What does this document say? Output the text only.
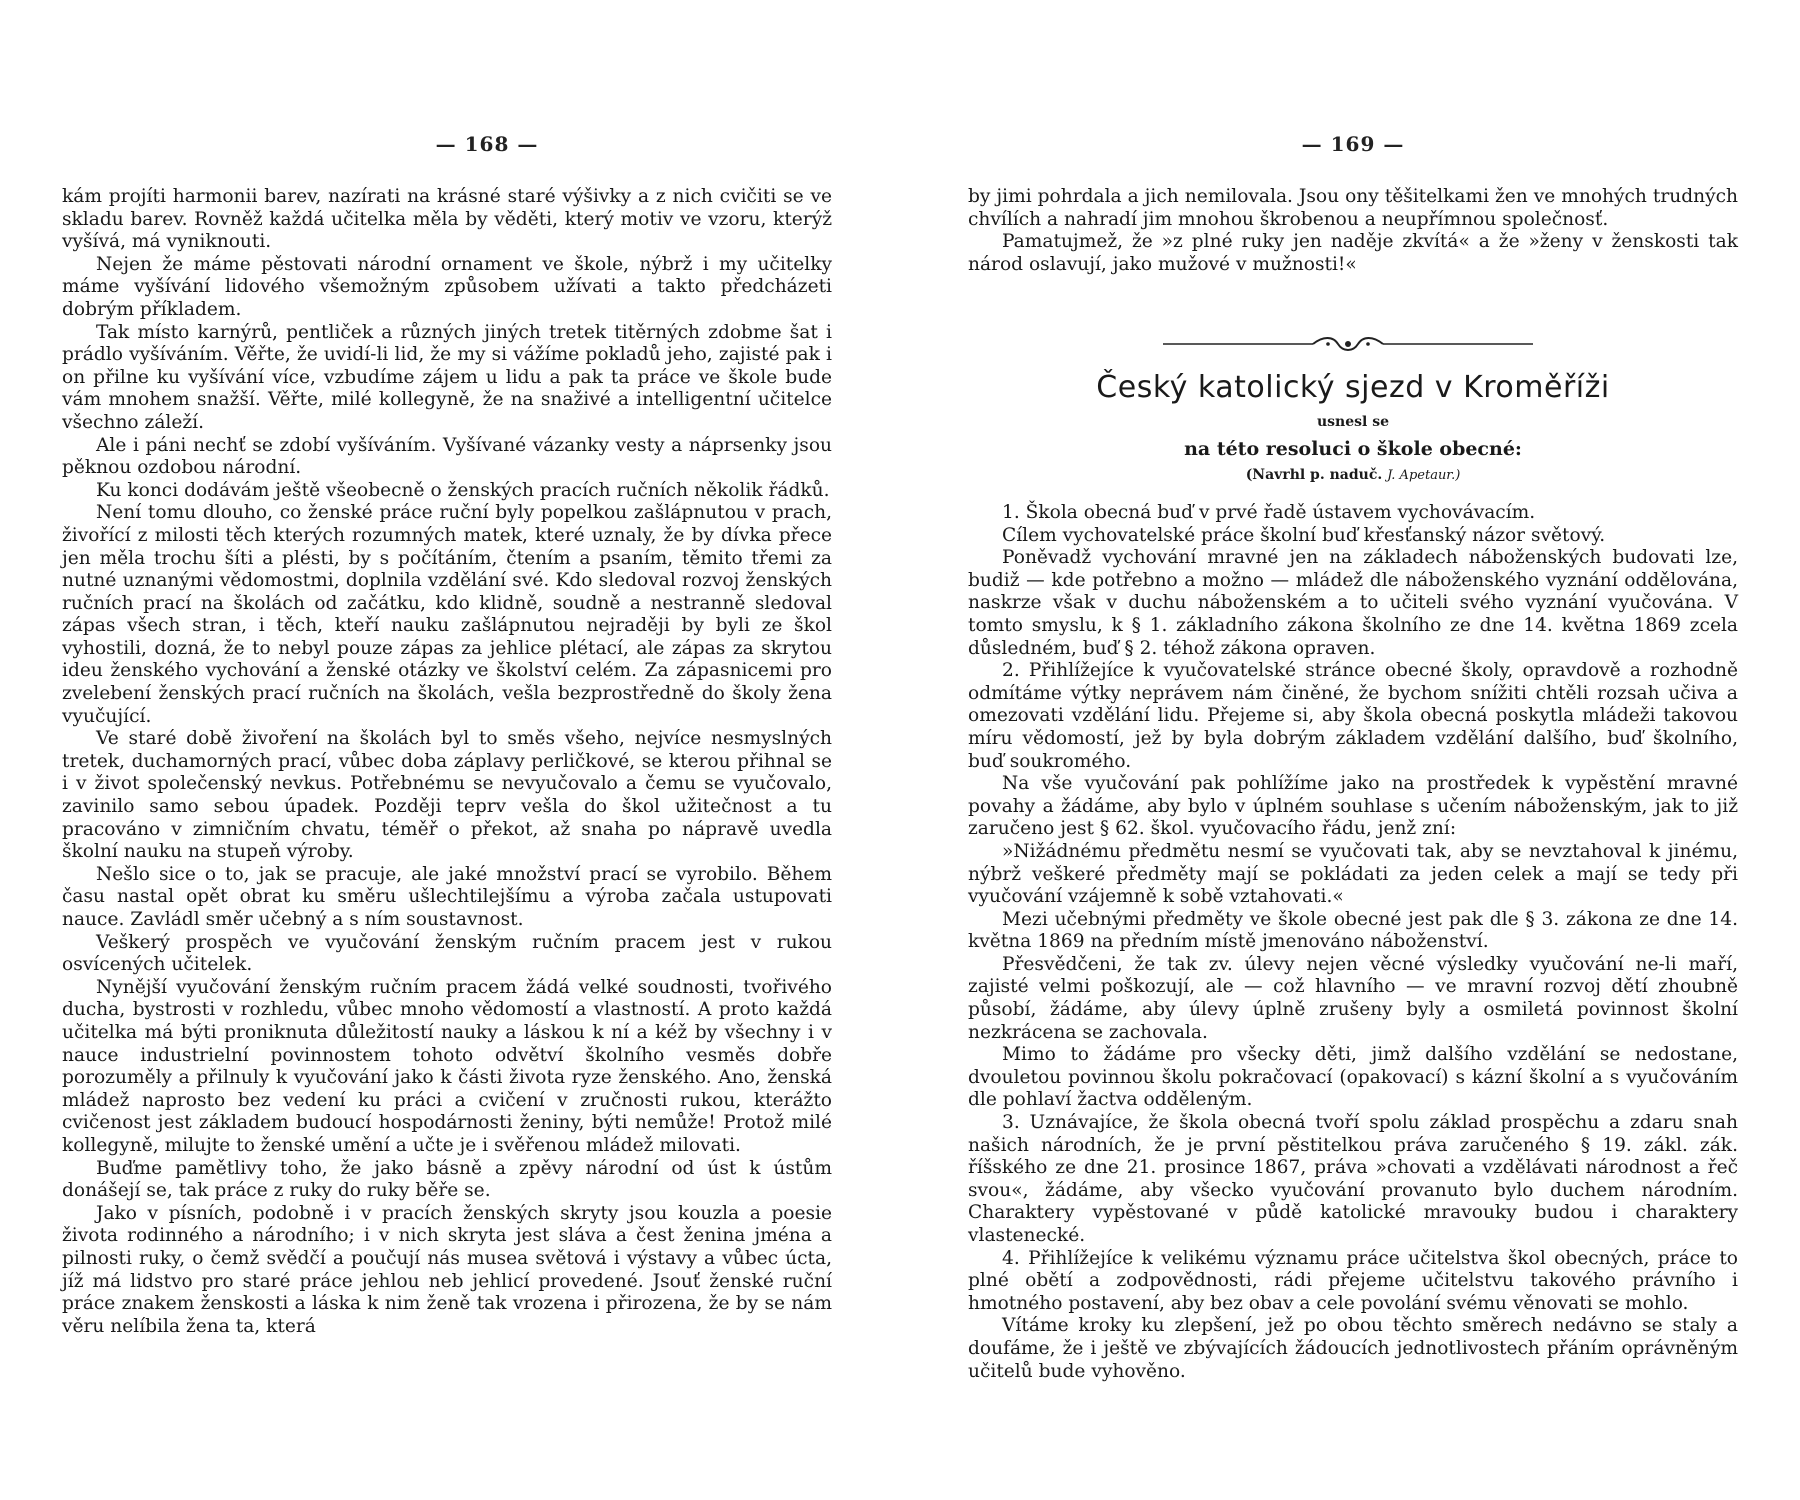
— 168 —

kám projíti harmonii barev, nazírati na krásné staré výšivky a z nich cvičiti se ve skladu barev. Rovněž každá učitelka měla by věděti, který motiv ve vzoru, kterýž vyšívá, má vyniknouti.

Nejen že máme pěstovati národní ornament ve škole, nýbrž i my učitelky máme vyšívání lidového všemožným způsobem užívati a takto předcházeti dobrým příkladem.

Tak místo karnýrů, pentliček a různých jiných tretek titěrných zdobme šat i prádlo vyšíváním. Věřte, že uvidí-li lid, že my si vážíme pokladů jeho, zajisté pak i on přilne ku vyšívání více, vzbudíme zájem u lidu a pak ta práce ve škole bude vám mnohem snažší. Věřte, milé kollegyně, že na snaživé a intelligentní učitelce všechno záleží.

Ale i páni nechť se zdobí vyšíváním. Vyšívané vázanky vesty a náprsenky jsou pěknou ozdobou národní.

Ku konci dodávám ještě všeobecně o ženských pracích ručních několik řádků.

Není tomu dlouho, co ženské práce ruční byly popelkou zašlápnutou v prach, živořící z milosti těch kterých rozumných matek, které uznaly, že by dívka přece jen měla trochu šíti a plésti, by s počítáním, čtením a psaním, těmito třemi za nutné uznanými vědomostmi, doplnila vzdělání své. Kdo sledoval rozvoj ženských ručních prací na školách od začátku, kdo klidně, soudně a nestranně sledoval zápas všech stran, i těch, kteří nauku zašlápnutou nejraději by byli ze škol vyhostili, dozná, že to nebyl pouze zápas za jehlice plétací, ale zápas za skrytou ideu ženského vychování a ženské otázky ve školství celém. Za zápasnicemi pro zvelebení ženských prací ručních na školách, vešla bezprostředně do školy žena vyučující.

Ve staré době živoření na školách byl to směs všeho, nejvíce nesmyslných tretek, duchamorných prací, vůbec doba záplavy perličkové, se kterou přihnal se i v život společenský nevkus. Potřebnému se nevyučovalo a čemu se vyučovalo, zavinilo samo sebou úpadek. Později teprv vešla do škol užitečnost a tu pracováno v zimničním chvatu, téměř o překot, až snaha po nápravě uvedla školní nauku na stupeň výroby.

Nešlo sice o to, jak se pracuje, ale jaké množství prací se vyrobilo. Během času nastal opět obrat ku směru ušlechtilejšímu a výroba začala ustupovati nauce. Zavládl směr učebný a s ním soustavnost.

Veškerý prospěch ve vyučování ženským ručním pracem jest v rukou osvícených učitelek.

Nynější vyučování ženským ručním pracem žádá velké soudnosti, tvořivého ducha, bystrosti v rozhledu, vůbec mnoho vědomostí a vlastností. A proto každá učitelka má býti proniknuta důležitostí nauky a láskou k ní a kéž by všechny i v nauce industrielní povinnostem tohoto odvětví školního vesměs dobře porozuměly a přilnuly k vyučování jako k části života ryze ženského. Ano, ženská mládež naprosto bez vedení ku práci a cvičení v zručnosti rukou, kterážto cvičenost jest základem budoucí hospodárnosti ženiny, býti nemůže! Protož milé kollegyně, milujte to ženské umění a učte je i svěřenou mládež milovati.

Buďme pamětlivy toho, že jako básně a zpěvy národní od úst k ústům donášejí se, tak práce z ruky do ruky běře se.

Jako v písních, podobně i v pracích ženských skryty jsou kouzla a poesie života rodinného a národního; i v nich skryta jest sláva a čest ženina jména a pilnosti ruky, o čemž svědčí a poučují nás musea světová i výstavy a vůbec úcta, jíž má lidstvo pro staré práce jehlou neb jehlicí provedené. Jsouť ženské ruční práce znakem ženskosti a láska k nim ženě tak vrozena i přirozena, že by se nám věru nelíbila žena ta, která

— 169 —

by jimi pohrdala a jich nemilovala. Jsou ony těšitelkami žen ve mnohých trudných chvílích a nahradí jim mnohou škrobenou a neupřímnou společnosť.

Pamatujmež, že »z plné ruky jen naděje zkvítá« a že »ženy v ženskosti tak národ oslavují, jako mužové v mužnosti!«

Český katolický sjezd v Kroměříži
usnesl se
na této resoluci o škole obecné:
(Navrhl p. naduč. J. Apetaur.)

1. Škola obecná buď v prvé řadě ústavem vychovávacím.

Cílem vychovatelské práce školní buď křesťanský názor světový.

Poněvadž vychování mravné jen na základech náboženských budovati lze, budiž — kde potřebno a možno — mládež dle náboženského vyznání oddělována, naskrze však v duchu náboženském a to učiteli svého vyznání vyučována. V tomto smyslu, k § 1. základního zákona školního ze dne 14. května 1869 zcela důsledném, buď § 2. téhož zákona opraven.

2. Přihlížejíce k vyučovatelské stránce obecné školy, opravdově a rozhodně odmítáme výtky neprávem nám činěné, že bychom snížiti chtěli rozsah učiva a omezovati vzdělání lidu. Přejeme si, aby škola obecná poskytla mládeži takovou míru vědomostí, jež by byla dobrým základem vzdělání dalšího, buď školního, buď soukromého.

Na vše vyučování pak pohlížíme jako na prostředek k vypěstění mravné povahy a žádáme, aby bylo v úplném souhlase s učením náboženským, jak to již zaručeno jest § 62. škol. vyučovacího řádu, jenž zní:

»Nižádnému předmětu nesmí se vyučovati tak, aby se nevztahoval k jinému, nýbrž veškeré předměty mají se pokládati za jeden celek a mají se tedy při vyučování vzájemně k sobě vztahovati.«

Mezi učebnými předměty ve škole obecné jest pak dle § 3. zákona ze dne 14. května 1869 na předním místě jmenováno náboženství.

Přesvědčeni, že tak zv. úlevy nejen věcné výsledky vyučování ne-li maří, zajisté velmi poškozují, ale — což hlavního — ve mravní rozvoj dětí zhoubně působí, žádáme, aby úlevy úplně zrušeny byly a osmiletá povinnost školní nezkrácena se zachovala.

Mimo to žádáme pro všecky děti, jimž dalšího vzdělání se nedostane, dvouletou povinnou školu pokračovací (opakovací) s kázní školní a s vyučováním dle pohlaví žactva odděleným.

3. Uznávajíce, že škola obecná tvoří spolu základ prospěchu a zdaru snah našich národních, že je první pěstitelkou práva zaručeného § 19. zákl. zák. říšského ze dne 21. prosince 1867, práva »chovati a vzdělávati národnost a řeč svou«, žádáme, aby všecko vyučování provanuto bylo duchem národním. Charaktery vypěstované v půdě katolické mravouky budou i charaktery vlastenecké.

4. Přihlížejíce k velikému významu práce učitelstva škol obecných, práce to plné obětí a zodpovědnosti, rádi přejeme učitelstvu takového právního i hmotného postavení, aby bez obav a cele povolání svému věnovati se mohlo.

Vítáme kroky ku zlepšení, jež po obou těchto směrech nedávno se staly a doufáme, že i ještě ve zbývajících žádoucích jednotlivostech přáním oprávněným učitelů bude vyhověno.
